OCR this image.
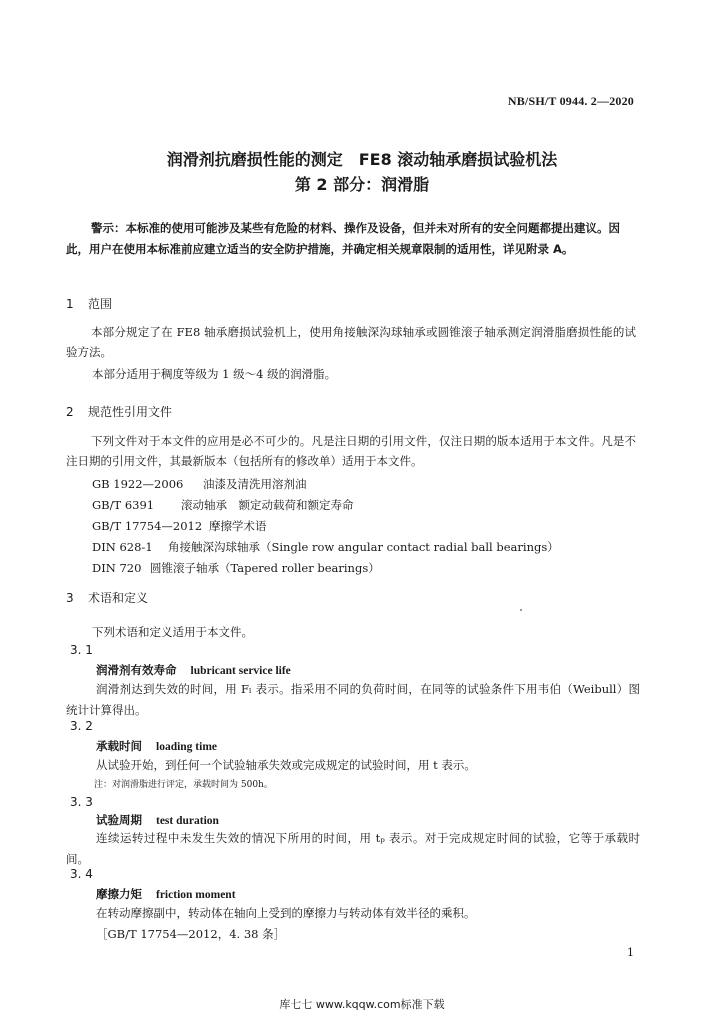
NB/SH/T 0944. 2—2020

润滑剂抗磨损性能的测定　FE8 滚动轴承磨损试验机法
第 2 部分：润滑脂

警示：本标准的使用可能涉及某些有危险的材料、操作及设备，但并未对所有的安全问题都提出建议。因此，用户在使用本标准前应建立适当的安全防护措施，并确定相关规章限制的适用性，详见附录 A。

1 范围

本部分规定了在 FE8 轴承磨损试验机上，使用角接触深沟球轴承或圆锥滚子轴承测定润滑脂磨损性能的试验方法。

本部分适用于稠度等级为 1 级～4 级的润滑脂。

2 规范性引用文件

下列文件对于本文件的应用是必不可少的。凡是注日期的引用文件，仅注日期的版本适用于本文件。凡是不注日期的引用文件，其最新版本（包括所有的修改单）适用于本文件。

GB 1922—2006 油漆及清洗用溶剂油

GB/T 6391 滚动轴承　额定动载荷和额定寿命

GB/T 17754—2012 摩擦学术语

DIN 628-1 角接触深沟球轴承（Single row angular contact radial ball bearings）

DIN 720 圆锥滚子轴承（Tapered roller bearings）

3 术语和定义

下列术语和定义适用于本文件。

3. 1

润滑剂有效寿命 lubricant service life

润滑剂达到失效的时间，用 Fₗ 表示。指采用不同的负荷时间，在同等的试验条件下用韦伯（Weibull）图统计计算得出。

3. 2

承载时间 loading time

从试验开始，到任何一个试验轴承失效或完成规定的试验时间，用 t 表示。

注：对润滑脂进行评定，承载时间为 500h。

3. 3

试验周期 test duration

连续运转过程中未发生失效的情况下所用的时间，用 tₚ 表示。对于完成规定时间的试验，它等于承载时间。

3. 4

摩擦力矩 friction moment

在转动摩擦副中，转动体在轴向上受到的摩擦力与转动体有效半径的乘积。

［GB/T 17754—2012，4. 38 条］

1

库七七 www.kqqw.com标准下载
